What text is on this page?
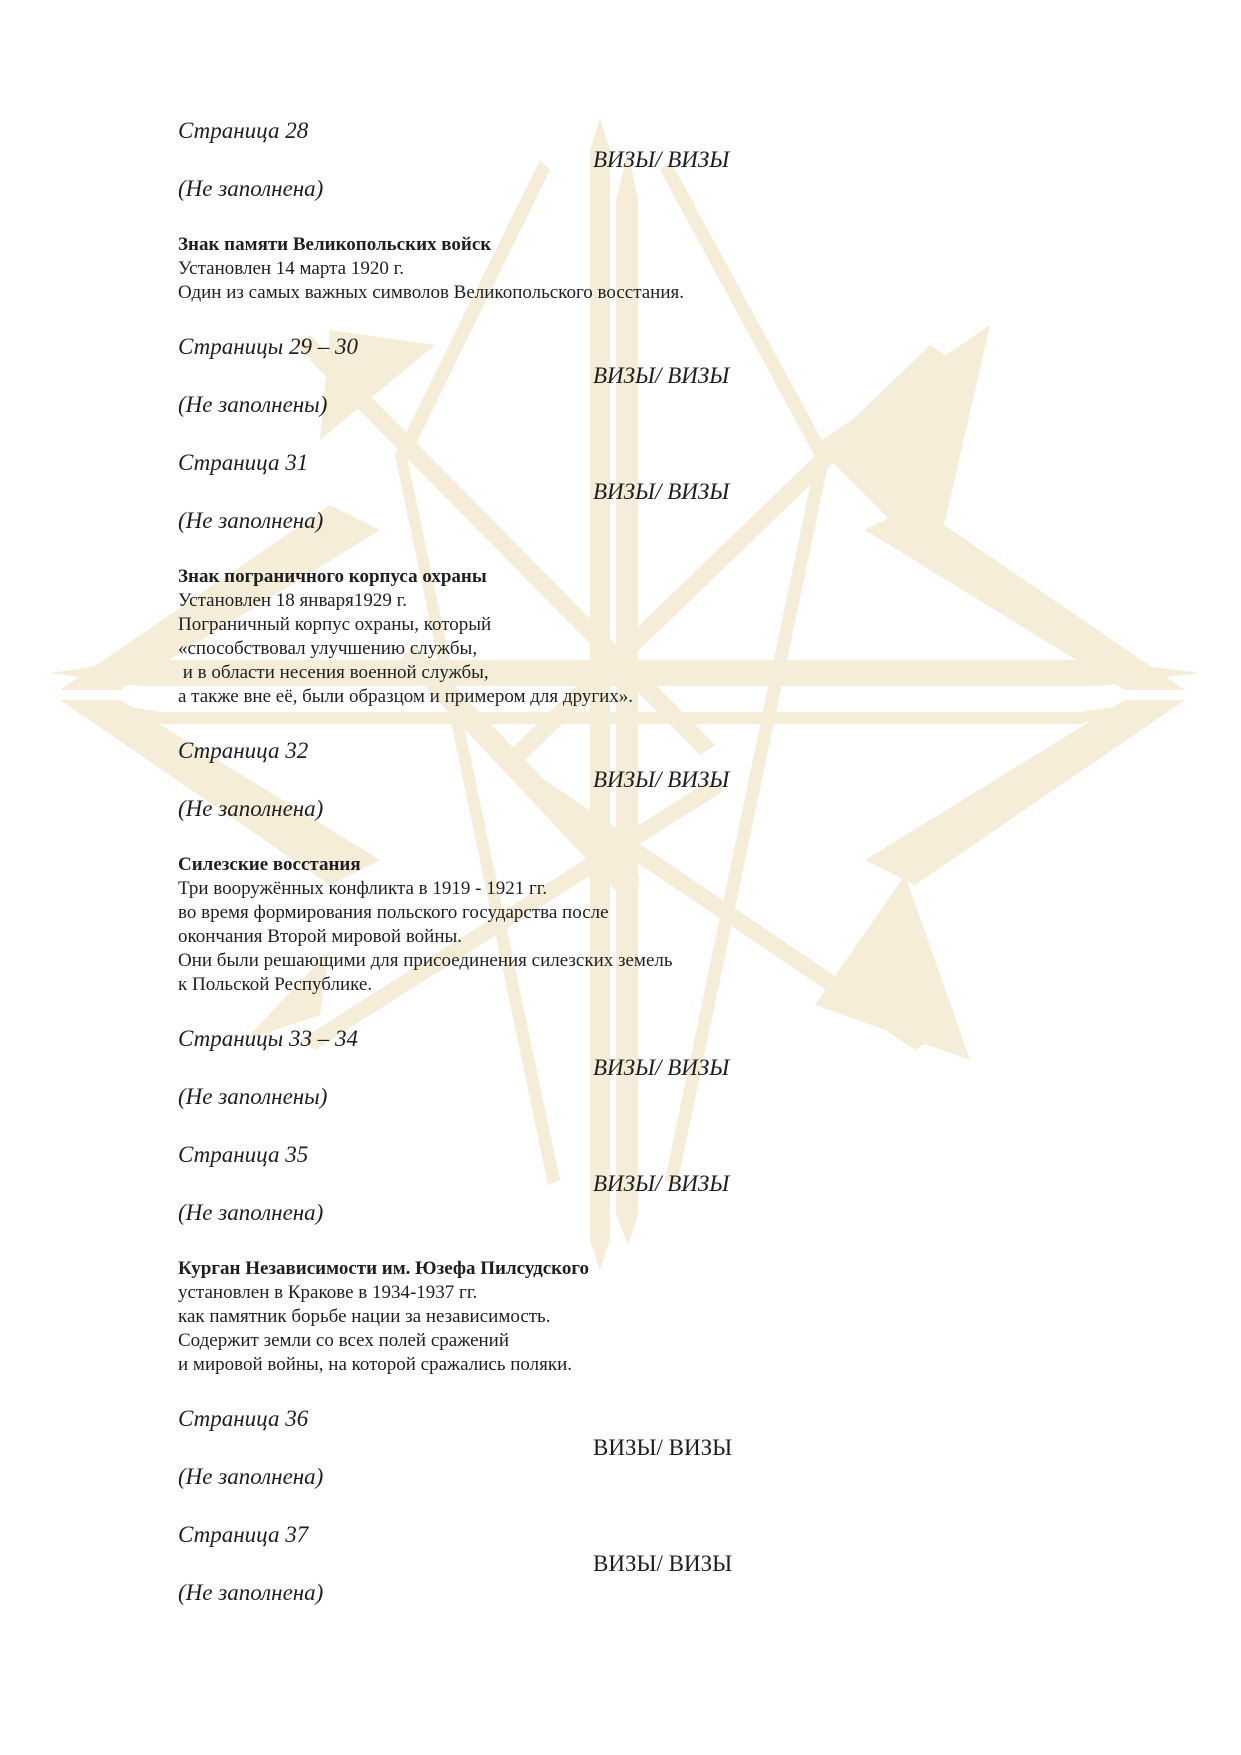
Страница 28

ВИЗЫ/ ВИЗЫ

(Не заполнена)

Знак памяти Великопольских войск

Установлен 14 марта 1920 г.

Один из самых важных символов Великопольского восстания.

Страницы 29 – 30

ВИЗЫ/ ВИЗЫ

(Не заполнены)

Страница 31

ВИЗЫ/ ВИЗЫ

(Не заполнена)

Знак пограничного корпуса охраны

Установлен 18 января1929 г.

Пограничный корпус охраны, который

«способствовал улучшению службы,

и в области несения военной службы,

а также вне её, были образцом и примером для других».

Страница 32

ВИЗЫ/ ВИЗЫ

(Не заполнена)

Силезские восстания

Три вооружённых конфликта в 1919 - 1921 гг.

во время формирования польского государства после

окончания Второй мировой войны.

Они были решающими для присоединения силезских земель

к Польской Республике.

Страницы 33 – 34

ВИЗЫ/ ВИЗЫ

(Не заполнены)

Страница 35

ВИЗЫ/ ВИЗЫ

(Не заполнена)

Курган Независимости им. Юзефа Пилсудского

установлен в Кракове в 1934-1937 гг.

как памятник борьбе нации за независимость.

Содержит земли со всех полей сражений

и мировой войны, на которой сражались поляки.

Страница 36

ВИЗЫ/ ВИЗЫ

(Не заполнена)

Страница 37

ВИЗЫ/ ВИЗЫ

(Не заполнена)
